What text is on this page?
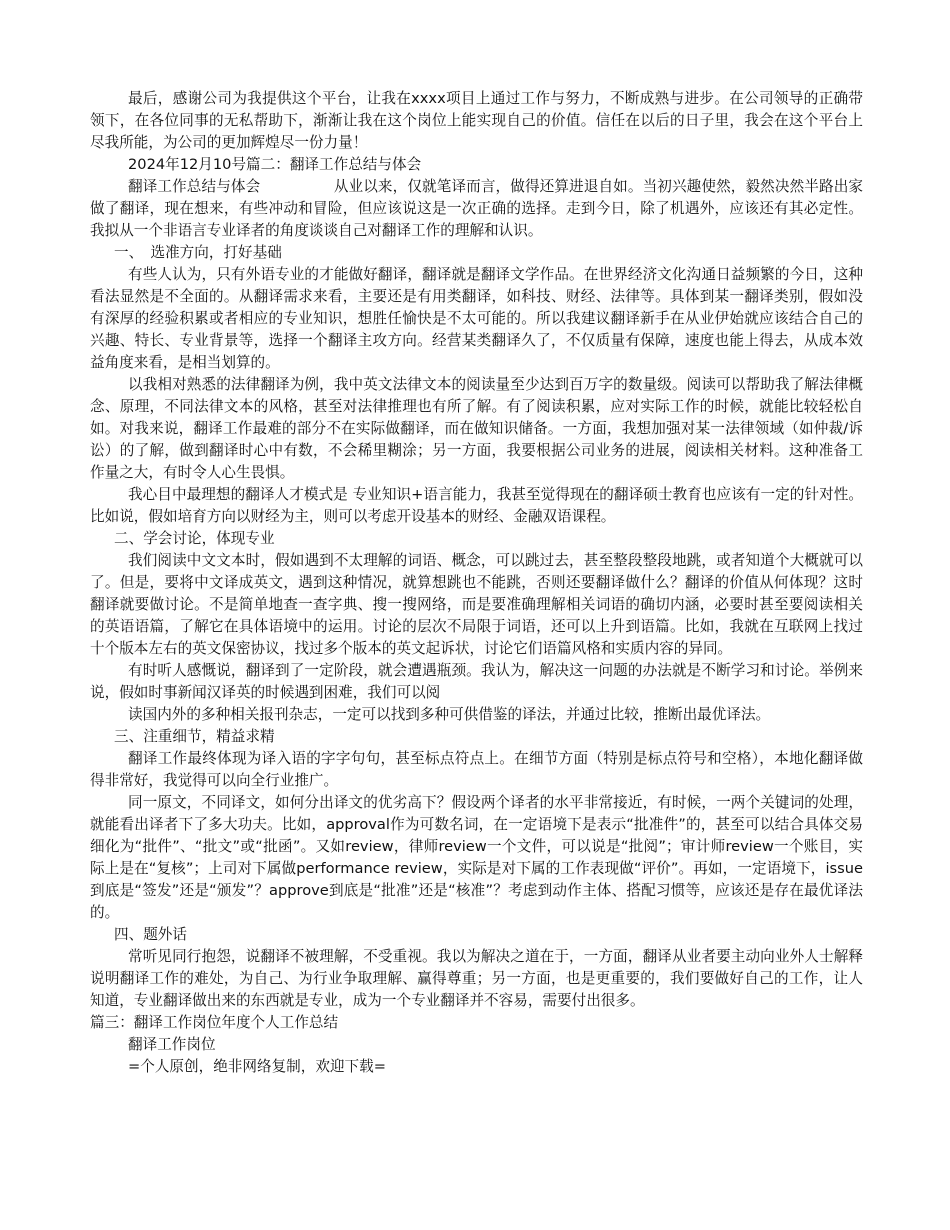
最后，感谢公司为我提供这个平台，让我在xxxx项目上通过工作与努力，不断成熟与进步。在公司领导的正确带领下，在各位同事的无私帮助下，渐渐让我在这个岗位上能实现自己的价值。信任在以后的日子里，我会在这个平台上尽我所能，为公司的更加辉煌尽一份力量！

2024年12月10号篇二：翻译工作总结与体会

翻译工作总结与体会　　　　　从业以来，仅就笔译而言，做得还算进退自如。当初兴趣使然，毅然决然半路出家做了翻译，现在想来，有些冲动和冒险，但应该说这是一次正确的选择。走到今日，除了机遇外，应该还有其必定性。我拟从一个非语言专业译者的角度谈谈自己对翻译工作的理解和认识。

一、　选准方向，打好基础

有些人认为，只有外语专业的才能做好翻译，翻译就是翻译文学作品。在世界经济文化沟通日益频繁的今日，这种看法显然是不全面的。从翻译需求来看，主要还是有用类翻译，如科技、财经、法律等。具体到某一翻译类别，假如没有深厚的经验积累或者相应的专业知识，想胜任愉快是不太可能的。所以我建议翻译新手在从业伊始就应该结合自己的兴趣、特长、专业背景等，选择一个翻译主攻方向。经营某类翻译久了，不仅质量有保障，速度也能上得去，从成本效益角度来看，是相当划算的。

以我相对熟悉的法律翻译为例，我中英文法律文本的阅读量至少达到百万字的数量级。阅读可以帮助我了解法律概念、原理，不同法律文本的风格，甚至对法律推理也有所了解。有了阅读积累，应对实际工作的时候，就能比较轻松自如。对我来说，翻译工作最难的部分不在实际做翻译，而在做知识储备。一方面，我想加强对某一法律领域（如仲裁/诉讼）的了解，做到翻译时心中有数，不会稀里糊涂；另一方面，我要根据公司业务的进展，阅读相关材料。这种准备工作量之大，有时令人心生畏惧。

我心目中最理想的翻译人才模式是 专业知识+语言能力，我甚至觉得现在的翻译硕士教育也应该有一定的针对性。比如说，假如培育方向以财经为主，则可以考虑开设基本的财经、金融双语课程。

二、学会讨论，体现专业

我们阅读中文文本时，假如遇到不太理解的词语、概念，可以跳过去，甚至整段整段地跳，或者知道个大概就可以了。但是，要将中文译成英文，遇到这种情况，就算想跳也不能跳，否则还要翻译做什么？翻译的价值从何体现？这时翻译就要做讨论。不是简单地查一查字典、搜一搜网络，而是要准确理解相关词语的确切内涵，必要时甚至要阅读相关的英语语篇，了解它在具体语境中的运用。讨论的层次不局限于词语，还可以上升到语篇。比如，我就在互联网上找过十个版本左右的英文保密协议，找过多个版本的英文起诉状，讨论它们语篇风格和实质内容的异同。

有时听人感慨说，翻译到了一定阶段，就会遭遇瓶颈。我认为，解决这一问题的办法就是不断学习和讨论。举例来说，假如时事新闻汉译英的时候遇到困难，我们可以阅

读国内外的多种相关报刊杂志，一定可以找到多种可供借鉴的译法，并通过比较，推断出最优译法。

三、注重细节，精益求精

翻译工作最终体现为译入语的字字句句，甚至标点符点上。在细节方面（特别是标点符号和空格），本地化翻译做得非常好，我觉得可以向全行业推广。

同一原文，不同译文，如何分出译文的优劣高下？假设两个译者的水平非常接近，有时候，一两个关键词的处理，就能看出译者下了多大功夫。比如，approval作为可数名词，在一定语境下是表示“批准件”的，甚至可以结合具体交易细化为“批件”、“批文”或“批函”。又如review，律师review一个文件，可以说是“批阅”；审计师review一个账目，实际上是在“复核”；上司对下属做performance review，实际是对下属的工作表现做“评价”。再如，一定语境下，issue到底是“签发”还是“颁发”？approve到底是“批准”还是“核准”？考虑到动作主体、搭配习惯等，应该还是存在最优译法的。

四、题外话

常听见同行抱怨，说翻译不被理解，不受重视。我以为解决之道在于，一方面，翻译从业者要主动向业外人士解释说明翻译工作的难处，为自己、为行业争取理解、赢得尊重；另一方面，也是更重要的，我们要做好自己的工作，让人知道，专业翻译做出来的东西就是专业，成为一个专业翻译并不容易，需要付出很多。

篇三：翻译工作岗位年度个人工作总结

翻译工作岗位

=个人原创，绝非网络复制，欢迎下载=
